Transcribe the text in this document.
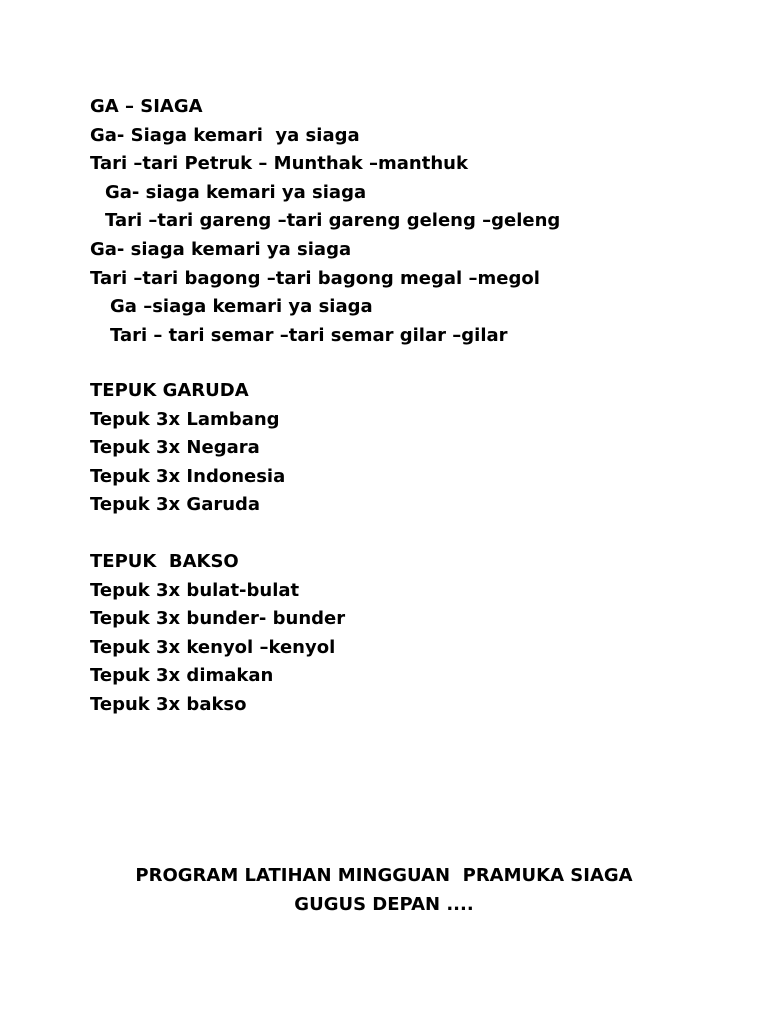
GA – SIAGA

Ga- Siaga kemari  ya siaga

Tari –tari Petruk – Munthak –manthuk

Ga- siaga kemari ya siaga

Tari –tari gareng –tari gareng geleng –geleng

Ga- siaga kemari ya siaga

Tari –tari bagong –tari bagong megal –megol

Ga –siaga kemari ya siaga

Tari – tari semar –tari semar gilar –gilar

TEPUK GARUDA

Tepuk 3x Lambang

Tepuk 3x Negara

Tepuk 3x Indonesia

Tepuk 3x Garuda

TEPUK  BAKSO

Tepuk 3x bulat-bulat

Tepuk 3x bunder- bunder

Tepuk 3x kenyol –kenyol

Tepuk 3x dimakan

Tepuk 3x bakso

PROGRAM LATIHAN MINGGUAN  PRAMUKA SIAGA

GUGUS DEPAN ....
